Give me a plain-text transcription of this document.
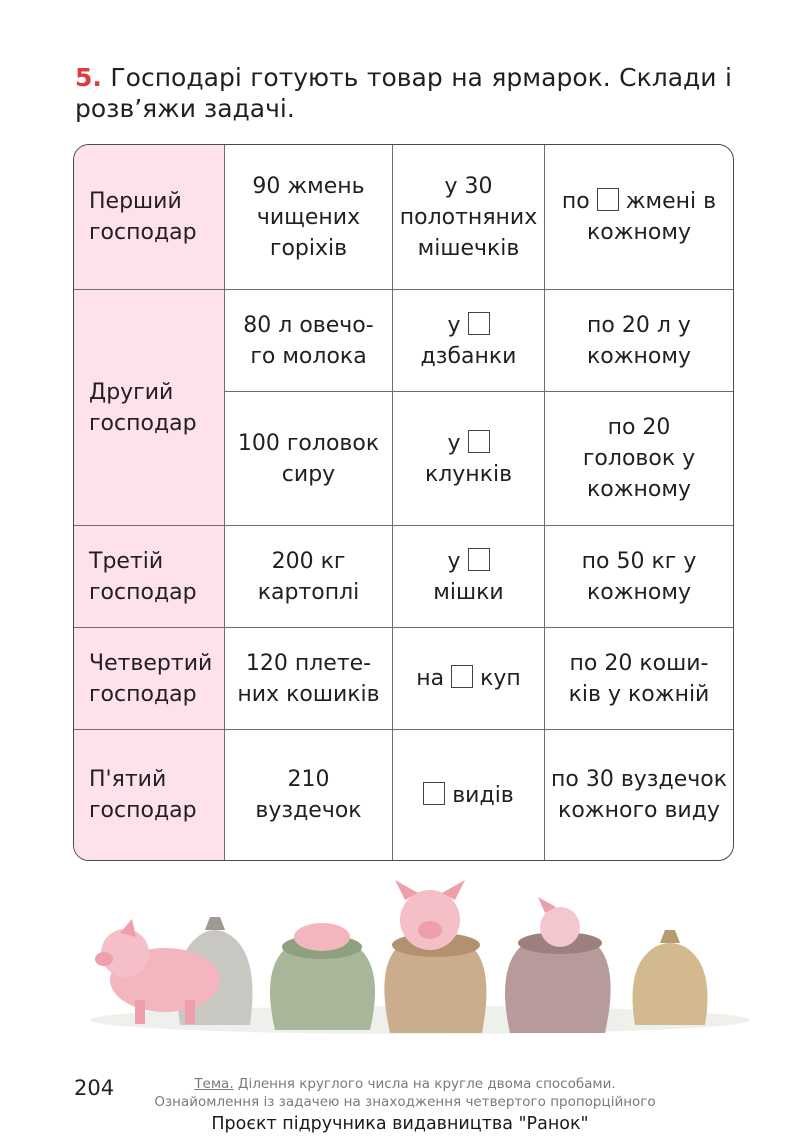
5. Господарі готують товар на ярмарок. Склади і розв’яжи задачі.
Перший господар	90 жмень чищених горіхів	у 30 полотняних мішечків	по жмені в кожному
Другий господар	80 л овечо-го молока	у  дзбанки	по 20 л у кожному
	100 головок сиру	у  клунків	по 20 головок у кожному
Третій господар	200 кг картоплі	у  мішки	по 50 кг у кожному
Четвертий господар	120 плете-них кошиків	на куп	по 20 коши-ків у кожній
П'ятий господар	210 вуздечок	видів	по 30 вуздечок кожного виду
204	Тема. Ділення круглого числа на кругле двома способами.
Ознайомлення із задачею на знаходження четвертого пропорційного
Проєкт підручника видавництва "Ранок"
